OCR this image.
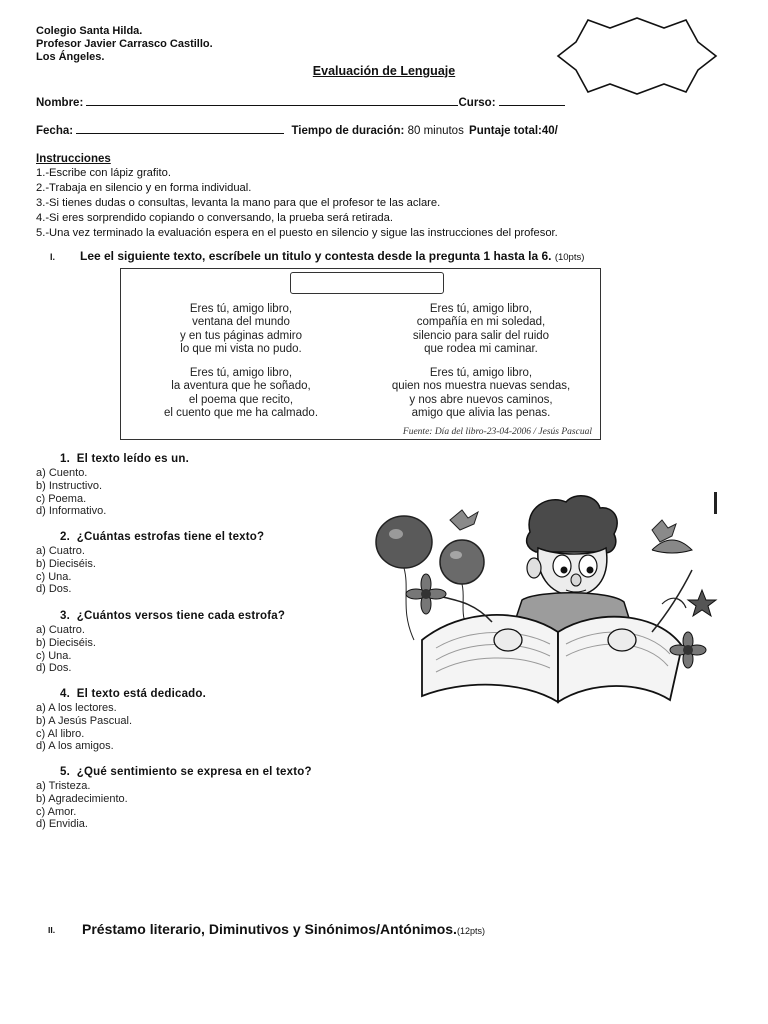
Colegio Santa Hilda.
Profesor Javier Carrasco Castillo.
Los Ángeles.
Evaluación de Lenguaje
Nombre:	Curso:
Fecha:	Tiempo de duración: 80 minutos Puntaje total:40/
Instrucciones
1.-Escribe con lápiz grafito.
2.-Trabaja en silencio y en forma individual.
3.-Si tienes dudas o consultas, levanta la mano para que el profesor te las aclare.
4.-Si eres sorprendido copiando o conversando, la prueba será retirada.
5.-Una vez terminado la evaluación espera en el puesto en silencio y sigue las instrucciones del profesor.
I. Lee el siguiente texto, escríbele un titulo y contesta desde la pregunta 1 hasta la 6. (10pts)
Eres tú, amigo libro,
ventana del mundo
y en tus páginas admiro
lo que mi vista no pudo.
Eres tú, amigo libro,
compañía en mi soledad,
silencio para salir del ruido
que rodea mi caminar.
Eres tú, amigo libro,
la aventura que he soñado,
el poema que recito,
el cuento que me ha calmado.
Eres tú, amigo libro,
quien nos muestra nuevas sendas,
y nos abre nuevos caminos,
amigo que alivia las penas.
Fuente: Día del libro-23-04-2006 / Jesús Pascual
1. El texto leído es un.
a) Cuento.
b) Instructivo.
c) Poema.
d) Informativo.
2. ¿Cuántas estrofas tiene el texto?
a) Cuatro.
b) Dieciséis.
c) Una.
d) Dos.
3. ¿Cuántos versos tiene cada estrofa?
a) Cuatro.
b) Dieciséis.
c) Una.
d) Dos.
4. El texto está dedicado.
a) A los lectores.
b) A Jesús Pascual.
c) Al libro.
d) A los amigos.
5. ¿Qué sentimiento se expresa en el texto?
a) Tristeza.
b) Agradecimiento.
c) Amor.
d) Envidia.
II. Préstamo literario, Diminutivos y Sinónimos/Antónimos.(12pts)
